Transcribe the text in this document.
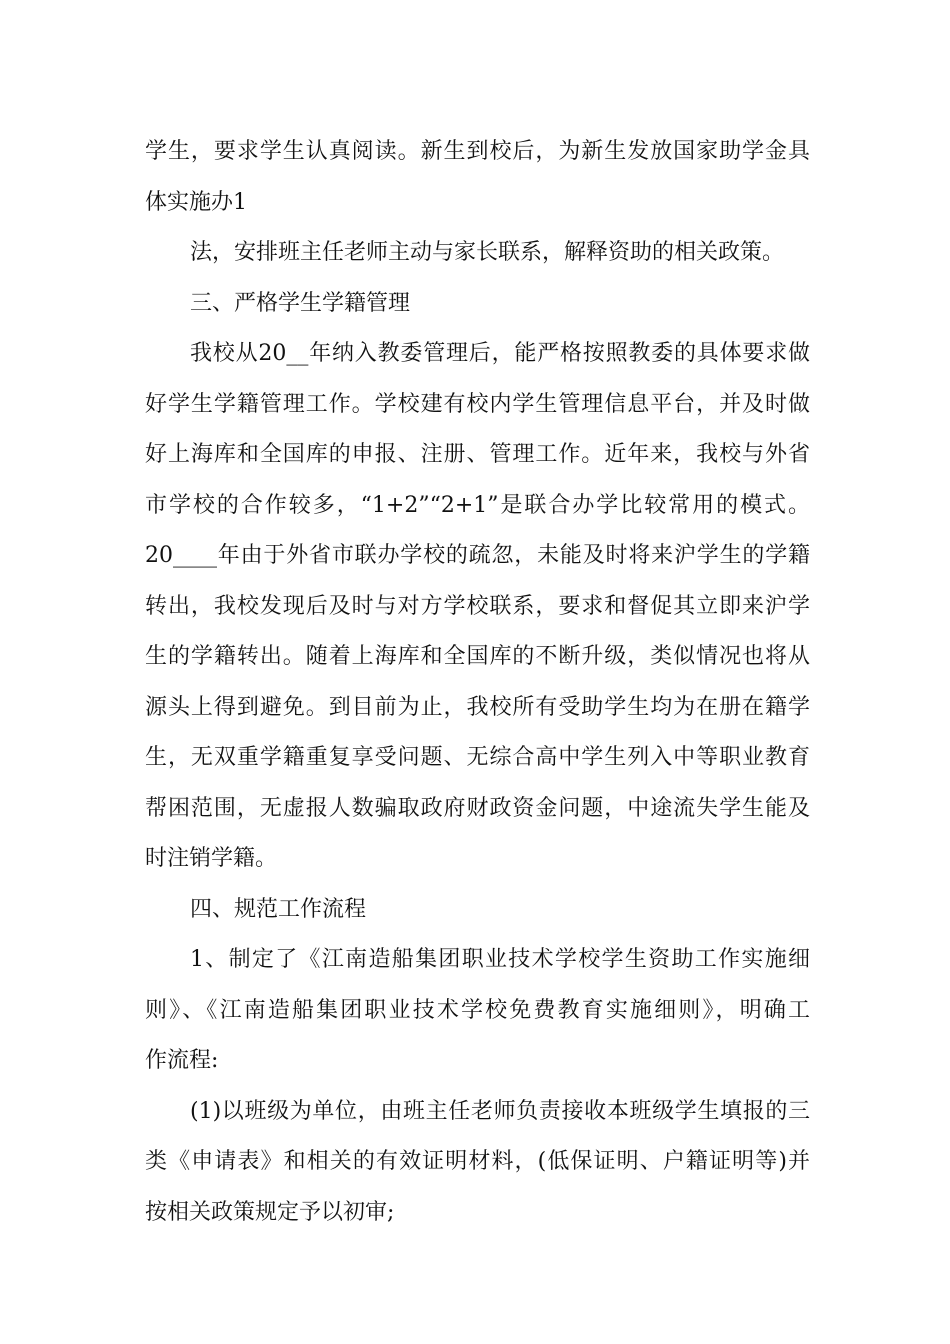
学生，要求学生认真阅读。新生到校后，为新生发放国家助学金具
体实施办1
法，安排班主任老师主动与家长联系，解释资助的相关政策。
三、严格学生学籍管理
我校从20__年纳入教委管理后，能严格按照教委的具体要求做
好学生学籍管理工作。学校建有校内学生管理信息平台，并及时做
好上海库和全国库的申报、注册、管理工作。近年来，我校与外省
市学校的合作较多，“1+2”“2+1”是联合办学比较常用的模式。
20____年由于外省市联办学校的疏忽，未能及时将来沪学生的学籍
转出，我校发现后及时与对方学校联系，要求和督促其立即来沪学
生的学籍转出。随着上海库和全国库的不断升级，类似情况也将从
源头上得到避免。到目前为止，我校所有受助学生均为在册在籍学
生，无双重学籍重复享受问题、无综合高中学生列入中等职业教育
帮困范围，无虚报人数骗取政府财政资金问题，中途流失学生能及
时注销学籍。
四、规范工作流程
1、制定了《江南造船集团职业技术学校学生资助工作实施细
则》、《江南造船集团职业技术学校免费教育实施细则》，明确工
作流程:
(1)以班级为单位，由班主任老师负责接收本班级学生填报的三
类《申请表》和相关的有效证明材料，(低保证明、户籍证明等)并
按相关政策规定予以初审;
